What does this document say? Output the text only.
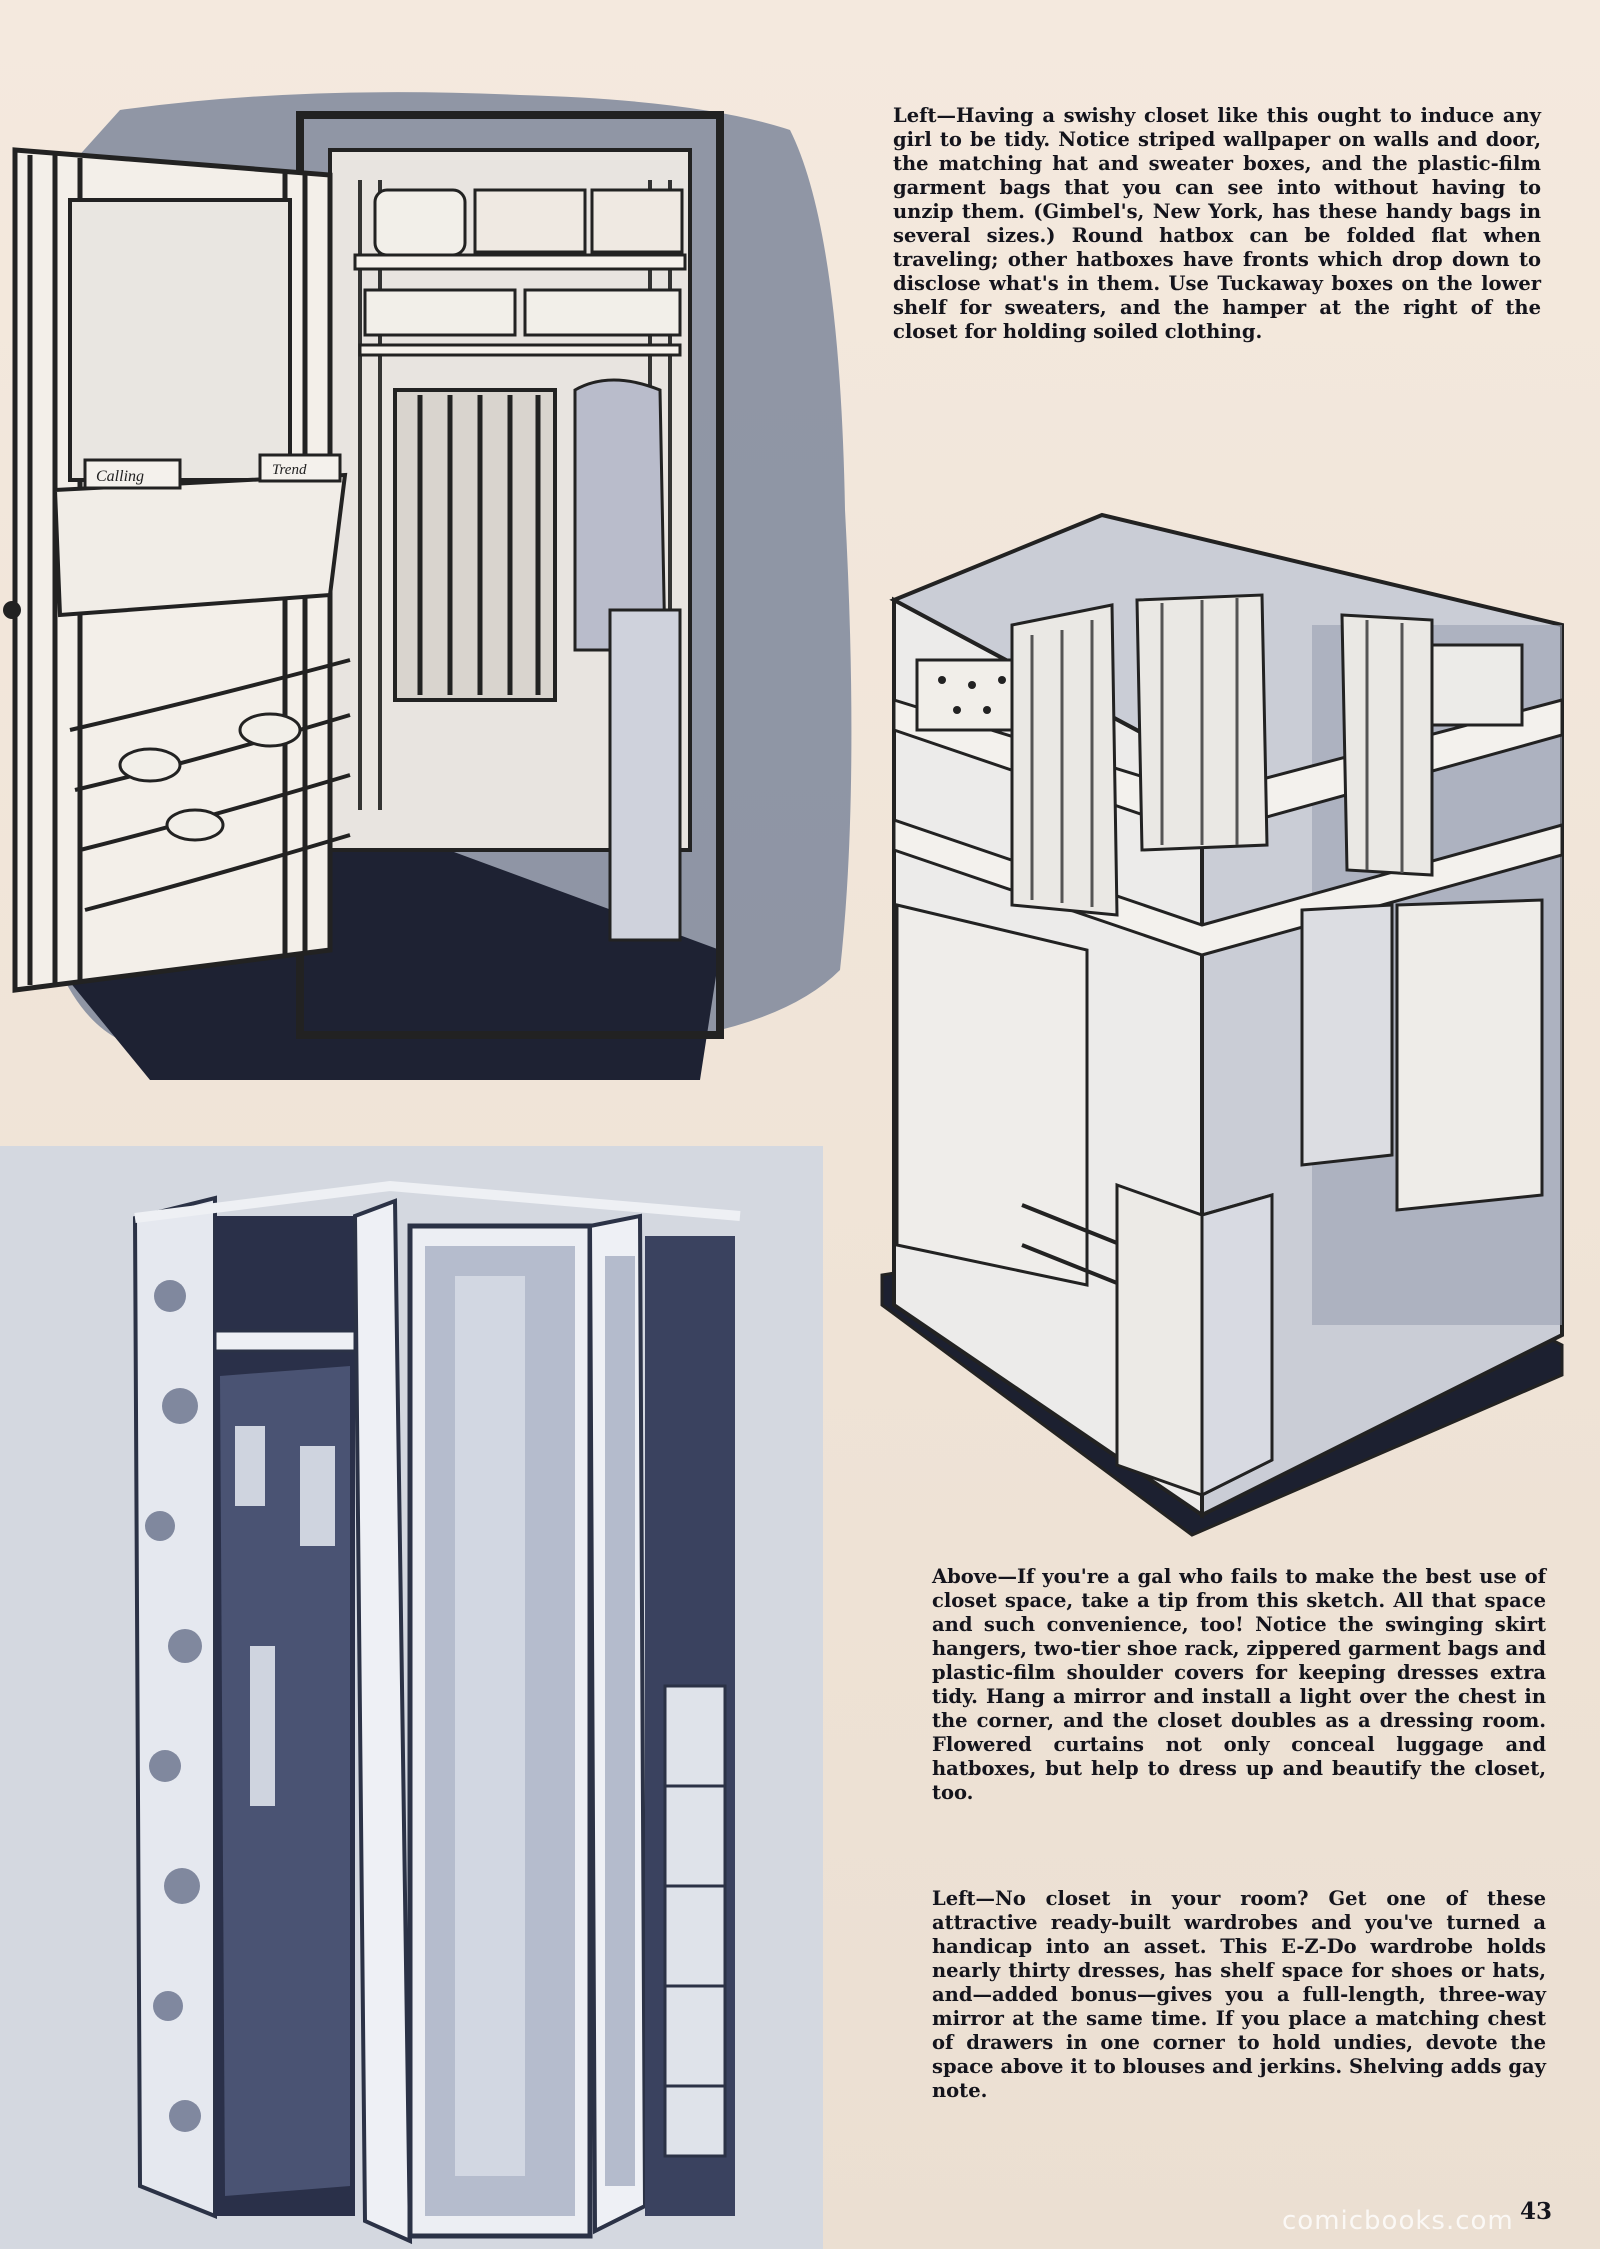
Calling	Trend
Left—Having a swishy closet like this ought to induce any girl to be tidy. Notice striped wallpaper on walls and door, the matching hat and sweater boxes, and the plastic-film garment bags that you can see into without having to unzip them. (Gimbel's, New York, has these handy bags in several sizes.) Round hatbox can be folded flat when traveling; other hatboxes have fronts which drop down to disclose what's in them. Use Tuckaway boxes on the lower shelf for sweaters, and the hamper at the right of the closet for holding soiled clothing.
Above—If you're a gal who fails to make the best use of closet space, take a tip from this sketch. All that space and such convenience, too! Notice the swinging skirt hangers, two-tier shoe rack, zippered garment bags and plastic-film shoulder covers for keeping dresses extra tidy. Hang a mirror and install a light over the chest in the corner, and the closet doubles as a dressing room. Flowered curtains not only conceal luggage and hatboxes, but help to dress up and beautify the closet, too.
Left—No closet in your room? Get one of these attractive ready-built wardrobes and you've turned a handicap into an asset. This E-Z-Do wardrobe holds nearly thirty dresses, has shelf space for shoes or hats, and—added bonus—gives you a full-length, three-way mirror at the same time. If you place a matching chest of drawers in one corner to hold undies, devote the space above it to blouses and jerkins. Shelving adds gay note.
43
comicbooks.com
